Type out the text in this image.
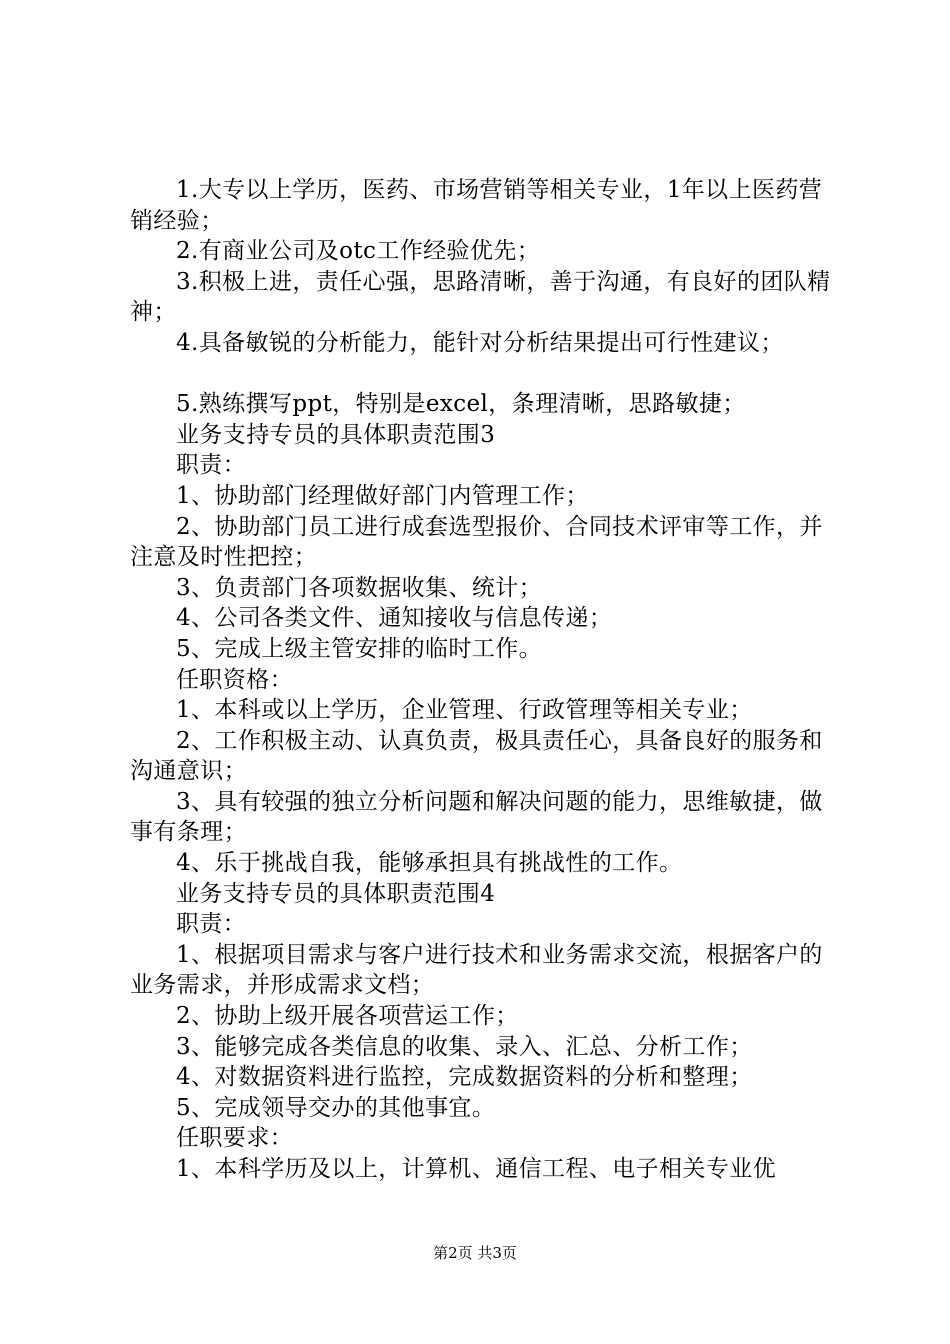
1.大专以上学历，医药、市场营销等相关专业，1年以上医药营销经验；

2.有商业公司及otc工作经验优先；

3.积极上进，责任心强，思路清晰，善于沟通，有良好的团队精神；

4.具备敏锐的分析能力，能针对分析结果提出可行性建议；

5.熟练撰写ppt，特别是excel，条理清晰，思路敏捷；

业务支持专员的具体职责范围3

职责：

1、协助部门经理做好部门内管理工作；

2、协助部门员工进行成套选型报价、合同技术评审等工作，并注意及时性把控；

3、负责部门各项数据收集、统计；

4、公司各类文件、通知接收与信息传递；

5、完成上级主管安排的临时工作。

任职资格：

1、本科或以上学历，企业管理、行政管理等相关专业；

2、工作积极主动、认真负责，极具责任心，具备良好的服务和沟通意识；

3、具有较强的独立分析问题和解决问题的能力，思维敏捷，做事有条理；

4、乐于挑战自我，能够承担具有挑战性的工作。

业务支持专员的具体职责范围4

职责：

1、根据项目需求与客户进行技术和业务需求交流，根据客户的业务需求，并形成需求文档；

2、协助上级开展各项营运工作；

3、能够完成各类信息的收集、录入、汇总、分析工作；

4、对数据资料进行监控，完成数据资料的分析和整理；

5、完成领导交办的其他事宜。

任职要求：

1、本科学历及以上，计算机、通信工程、电子相关专业优

第2页 共3页
